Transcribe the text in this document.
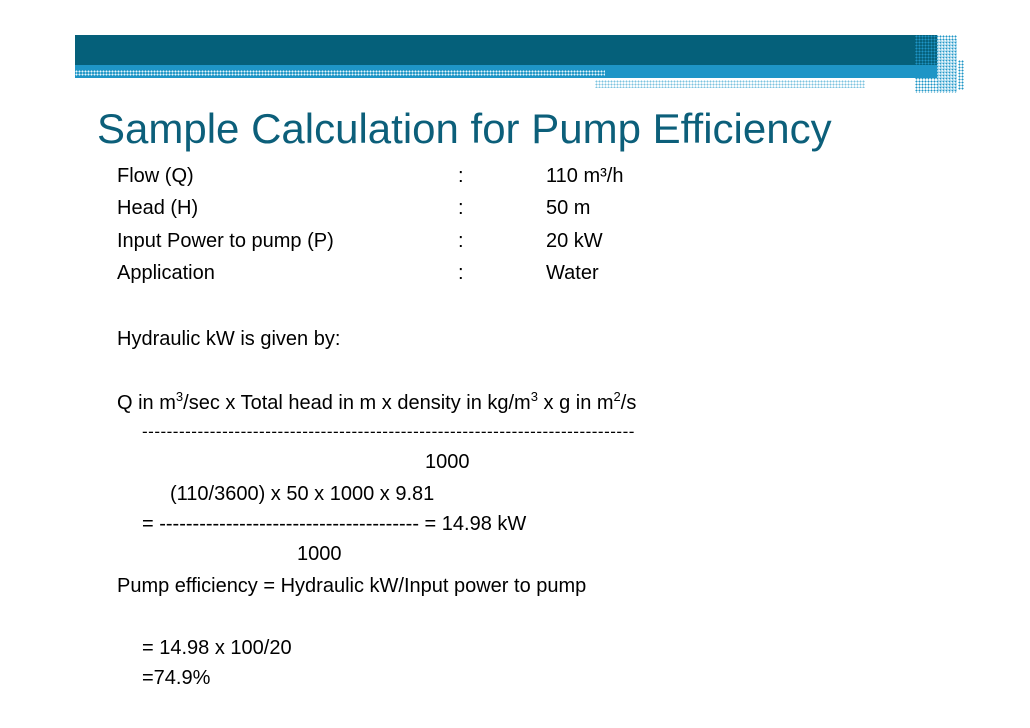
Sample Calculation for Pump Efficiency
Flow (Q)	:	110 m³/h
Head (H)	:	50 m
Input Power to pump (P)	:	20 kW
Application	:	Water
Hydraulic kW is given by:
Q in $m^3/\sec$ x Total head in m x density in $kg/m^3$ x g in $m^2/s$
--------------------------------------------------------------------------------
1000
(110/3600) x 50 x 1000 x 9.81
= --------------------------------------- = 14.98 kW
1000
Pump efficiency = Hydraulic kW/Input power to pump
= 14.98 x 100/20
=74.9%
